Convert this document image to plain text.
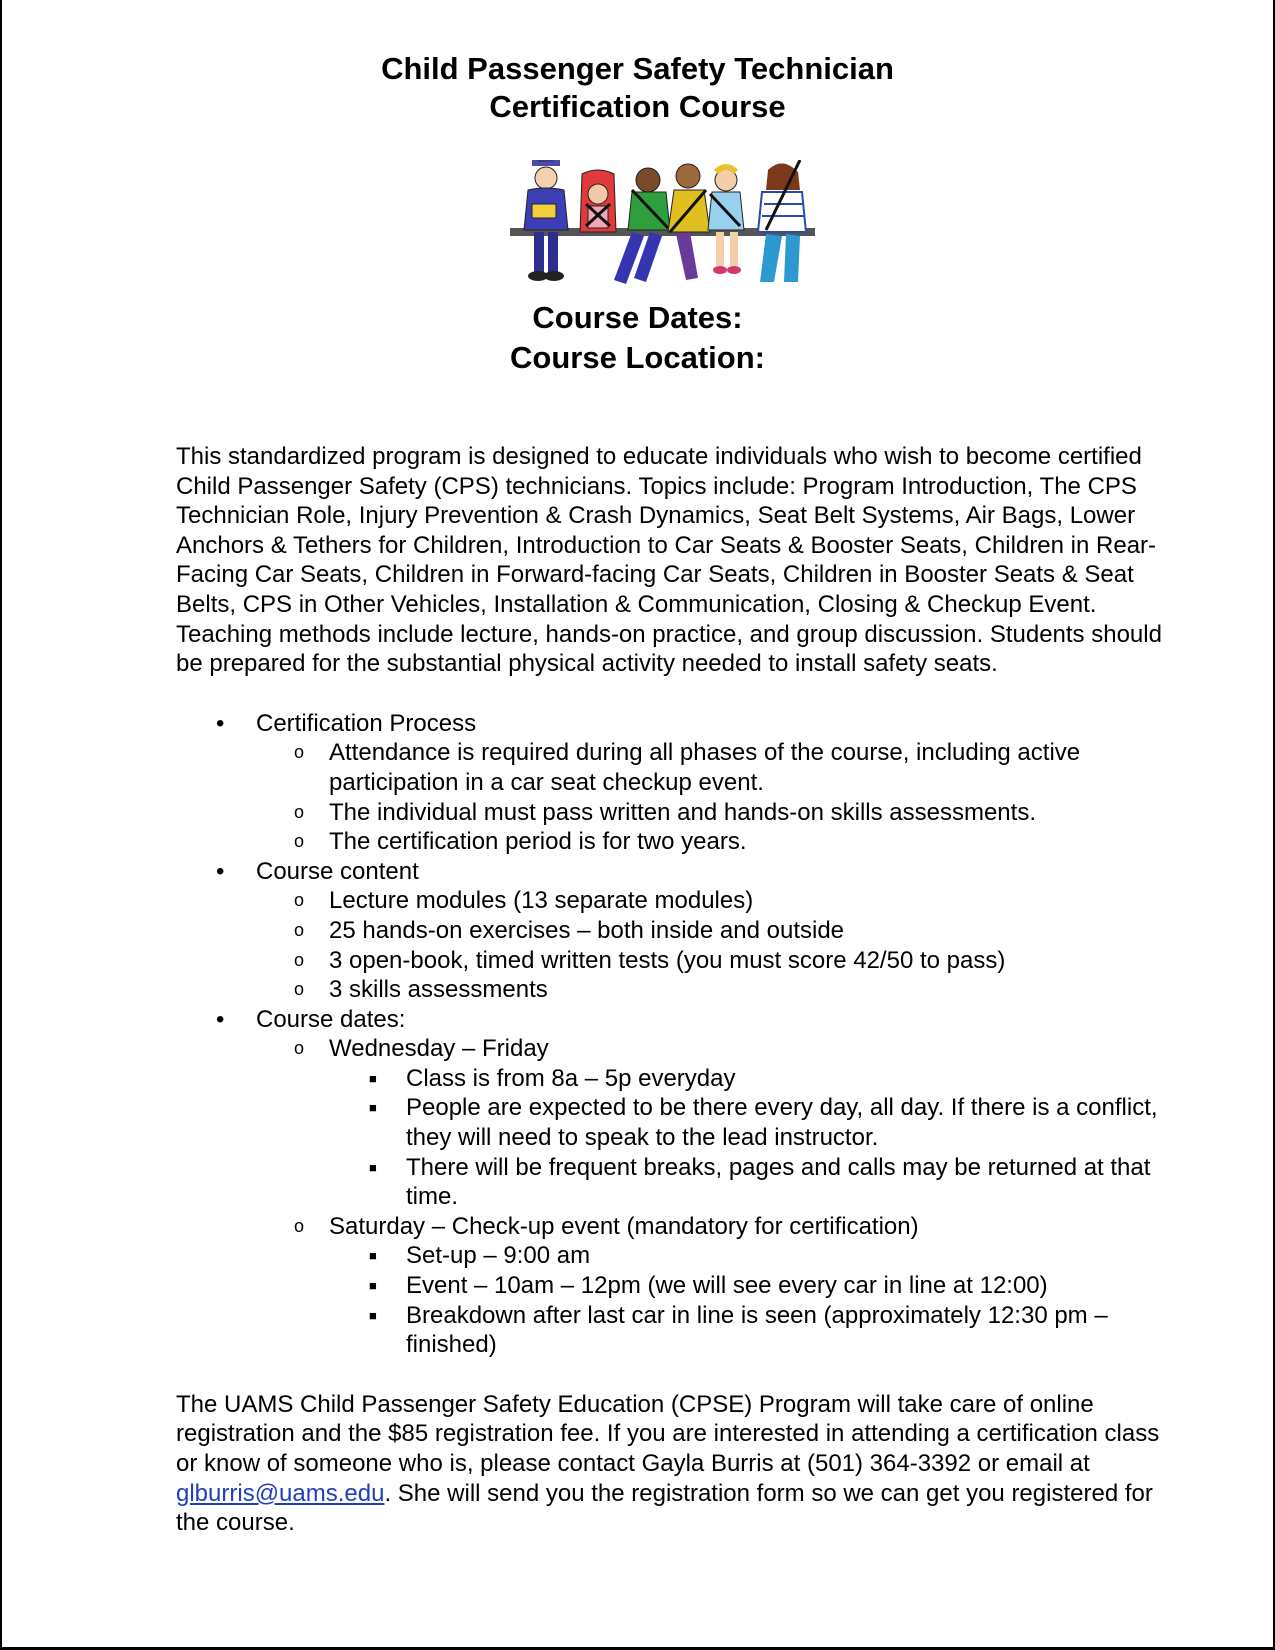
Child Passenger Safety Technician
Certification Course
Course Dates:
Course Location:

This standardized program is designed to educate individuals who wish to become certified Child Passenger Safety (CPS) technicians. Topics include: Program Introduction, The CPS Technician Role, Injury Prevention & Crash Dynamics, Seat Belt Systems, Air Bags, Lower Anchors & Tethers for Children, Introduction to Car Seats & Booster Seats, Children in Rear-Facing Car Seats, Children in Forward-facing Car Seats, Children in Booster Seats & Seat Belts, CPS in Other Vehicles, Installation & Communication, Closing & Checkup Event. Teaching methods include lecture, hands-on practice, and group discussion. Students should be prepared for the substantial physical activity needed to install safety seats.

• Certification Process
o Attendance is required during all phases of the course, including active participation in a car seat checkup event.
o The individual must pass written and hands-on skills assessments.
o The certification period is for two years.
• Course content
o Lecture modules (13 separate modules)
o 25 hands-on exercises – both inside and outside
o 3 open-book, timed written tests (you must score 42/50 to pass)
o 3 skills assessments
• Course dates:
o Wednesday – Friday
■ Class is from 8a – 5p everyday
■ People are expected to be there every day, all day. If there is a conflict, they will need to speak to the lead instructor.
■ There will be frequent breaks, pages and calls may be returned at that time.
o Saturday – Check-up event (mandatory for certification)
■ Set-up – 9:00 am
■ Event – 10am – 12pm (we will see every car in line at 12:00)
■ Breakdown after last car in line is seen (approximately 12:30 pm – finished)

The UAMS Child Passenger Safety Education (CPSE) Program will take care of online registration and the $85 registration fee. If you are interested in attending a certification class or know of someone who is, please contact Gayla Burris at (501) 364-3392 or email at glburris@uams.edu. She will send you the registration form so we can get you registered for the course.
